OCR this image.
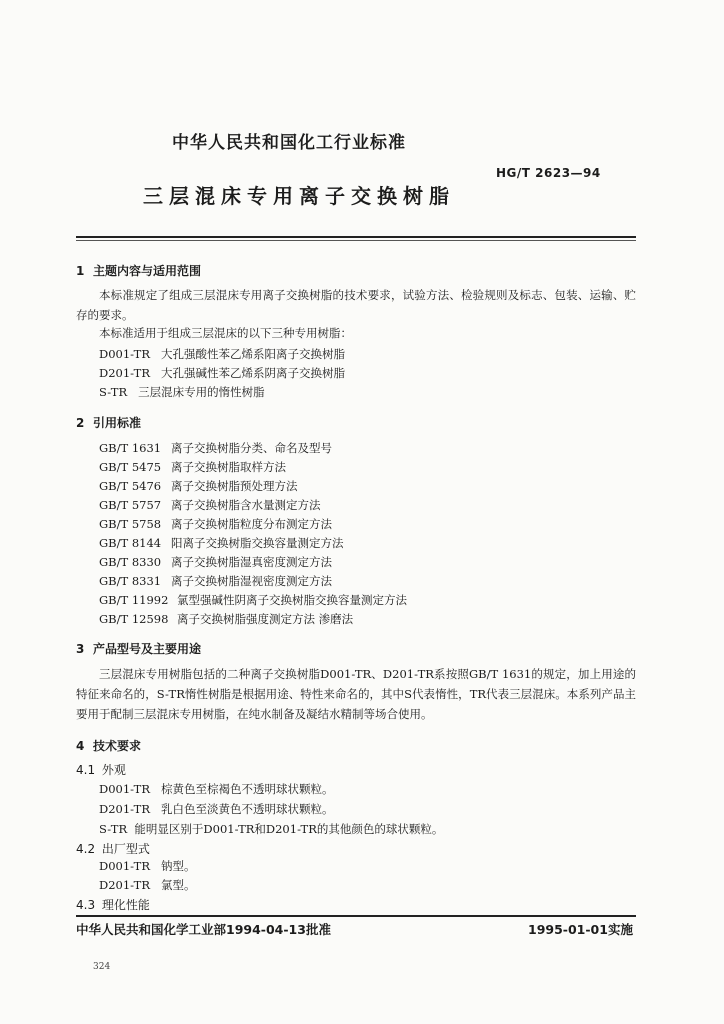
中华人民共和国化工行业标准
HG/T 2623—94
三层混床专用离子交换树脂
1 主题内容与适用范围
本标准规定了组成三层混床专用离子交换树脂的技术要求，试验方法、检验规则及标志、包装、运输、贮存的要求。
本标准适用于组成三层混床的以下三种专用树脂：
D001-TR 大孔强酸性苯乙烯系阳离子交换树脂
D201-TR 大孔强碱性苯乙烯系阴离子交换树脂
S-TR 三层混床专用的惰性树脂
2 引用标准
GB/T 1631 离子交换树脂分类、命名及型号
GB/T 5475 离子交换树脂取样方法
GB/T 5476 离子交换树脂预处理方法
GB/T 5757 离子交换树脂含水量测定方法
GB/T 5758 离子交换树脂粒度分布测定方法
GB/T 8144 阳离子交换树脂交换容量测定方法
GB/T 8330 离子交换树脂湿真密度测定方法
GB/T 8331 离子交换树脂湿视密度测定方法
GB/T 11992 氯型强碱性阴离子交换树脂交换容量测定方法
GB/T 12598 离子交换树脂强度测定方法 渗磨法
3 产品型号及主要用途
三层混床专用树脂包括的二种离子交换树脂D001-TR、D201-TR系按照GB/T 1631的规定，加上用途的特征来命名的，S-TR惰性树脂是根据用途、特性来命名的，其中S代表惰性，TR代表三层混床。本系列产品主要用于配制三层混床专用树脂，在纯水制备及凝结水精制等场合使用。
4 技术要求
4.1 外观
D001-TR 棕黄色至棕褐色不透明球状颗粒。
D201-TR 乳白色至淡黄色不透明球状颗粒。
S-TR 能明显区别于D001-TR和D201-TR的其他颜色的球状颗粒。
4.2 出厂型式
D001-TR 钠型。
D201-TR 氯型。
4.3 理化性能
中华人民共和国化学工业部1994-04-13批准	1995-01-01实施
324
